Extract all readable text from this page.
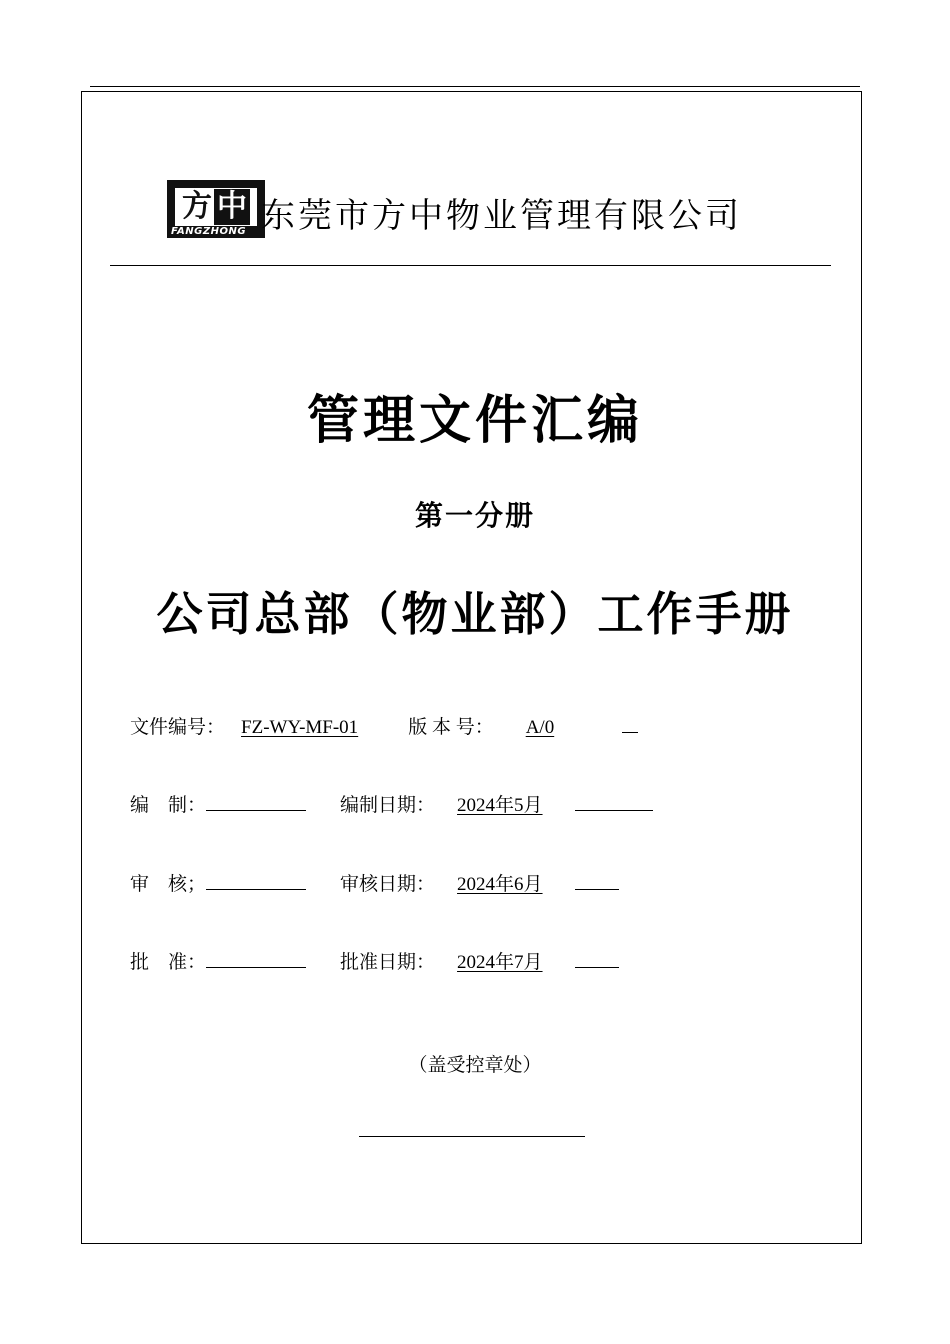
方 中
FANGZHONG 东莞市方中物业管理有限公司
管理文件汇编
第一分册
公司总部（物业部）工作手册
文件编号： FZ-WY-MF-01	版 本 号： A/0
编　制：	编制日期： 2024年5月
审　核；	审核日期： 2024年6月
批　准：	批准日期： 2024年7月
（盖受控章处）
